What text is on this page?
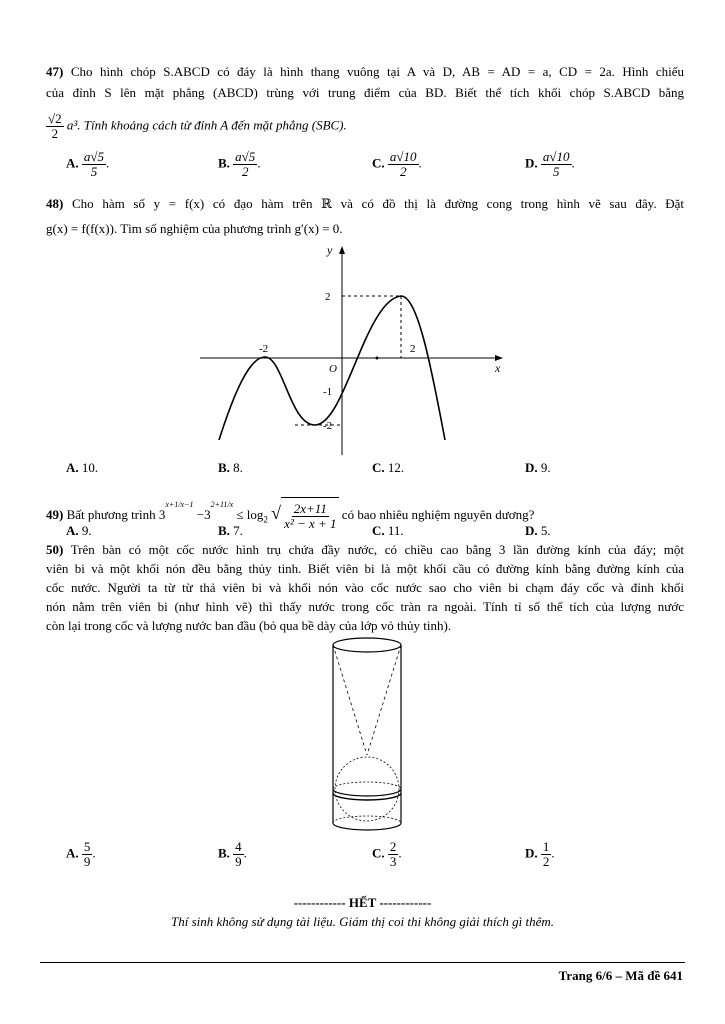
47) Cho hình chóp S.ABCD có đáy là hình thang vuông tại A và D, AB = AD = a, CD = 2a. Hình chiếu
của đỉnh S lên mặt phẳng (ABCD) trùng với trung điểm của BD. Biết thể tích khối chóp S.ABCD bằng
$\frac{√2}{2} a^3$. Tính khoảng cách từ đỉnh A đến mặt phẳng (SBC).
A. $\frac{a√5}{5}$ .	B. $\frac{a√5}{2}$ .	C. $\frac{a√10}{2}$ .	D. $\frac{a√10}{5}$ .
48) Cho hàm số y = f(x) có đạo hàm trên ℝ và có đồ thị là đường cong trong hình vẽ sau đây. Đặt
g(x) = f(f(x)). Tìm số nghiệm của phương trình g′(x) = 0.
y
x
O
-2	2
2
-1
-2
A. 10.	B. 8.	C. 12.	D. 9.
49) Bất phương trình $3^{x+1/x-1} -3^{2+11/x} \le \log_2$ √ $\frac{2x+11}{\text{x² − x + 1}}$ có bao nhiêu nghiệm nguyên dương?
A. 9.	B. 7.	C. 11.	D. 5.
50) Trên bàn có một cốc nước hình trụ chứa đầy nước, có chiều cao bằng 3 lần đường kính của đáy; một
viên bi và một khối nón đều bằng thủy tinh. Biết viên bi là một khối cầu có đường kính bằng đường kính của
cốc nước. Người ta từ từ thả viên bi và khối nón vào cốc nước sao cho viên bi chạm đáy cốc và đỉnh khối
nón nằm trên viên bi (như hình vẽ) thì thấy nước trong cốc tràn ra ngoài. Tính tỉ số thể tích của lượng nước
còn lại trong cốc và lượng nước ban đầu (bỏ qua bề dày của lớp vỏ thủy tinh).
A. $\frac{5}{9}$ .	B. $\frac{4}{9}$ .	C. $\frac{2}{3}$ .	D. $\frac{1}{2}$ .
------------ HẾT ------------
Thí sinh không sử dụng tài liệu. Giám thị coi thi không giải thích gì thêm.
Trang 6/6 – Mã đề 641
